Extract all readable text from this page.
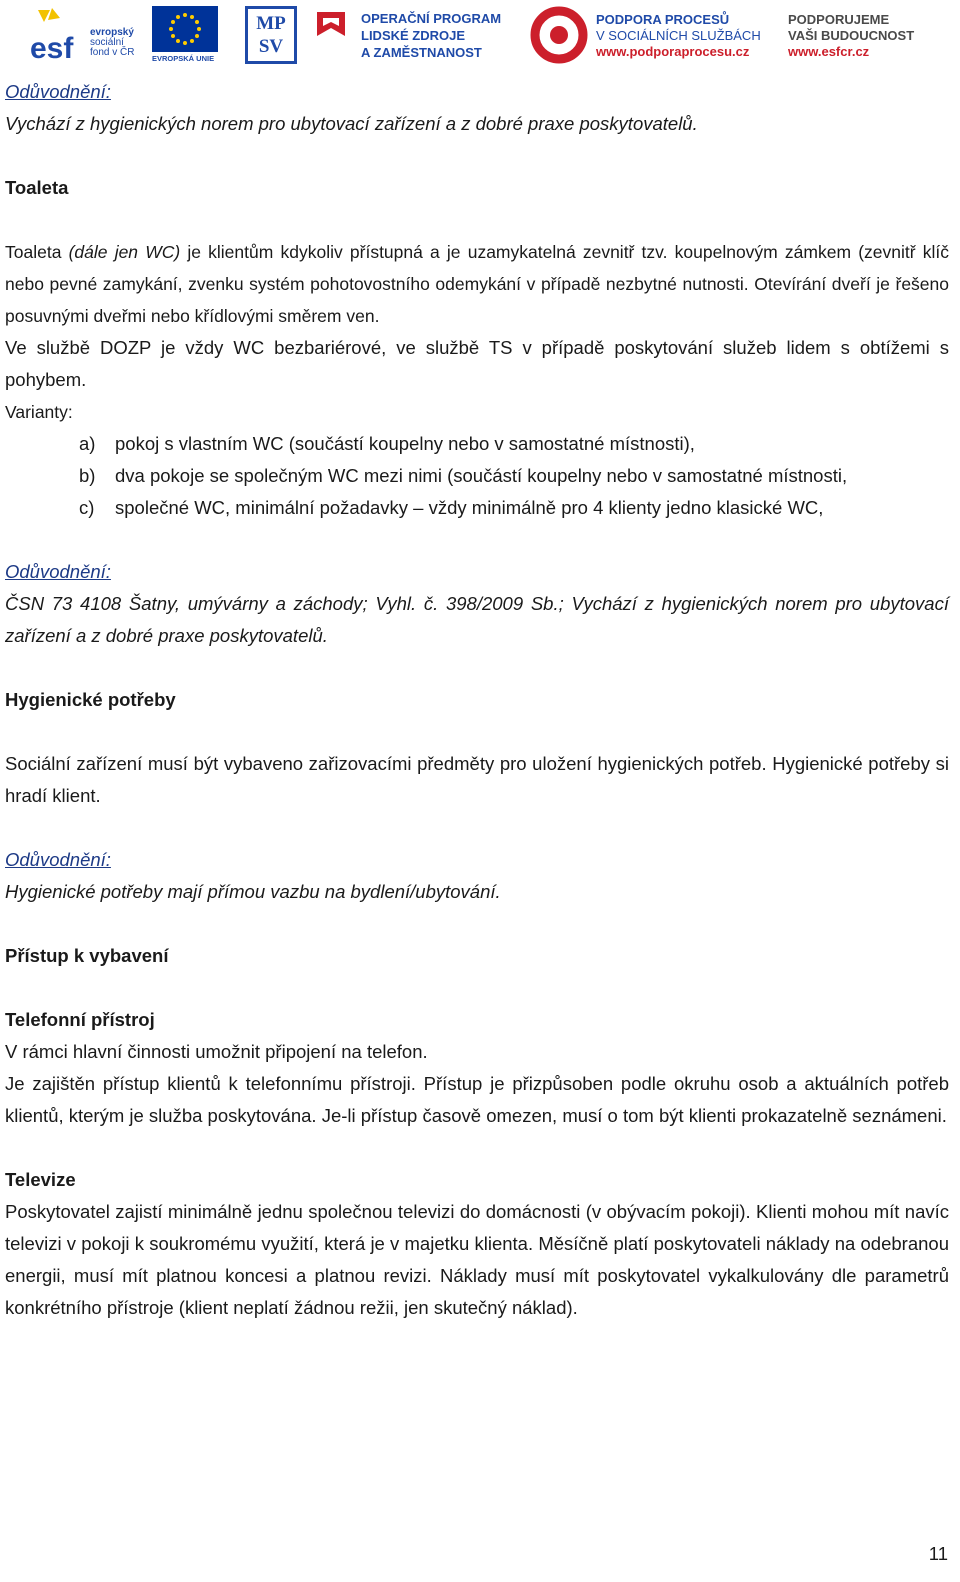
esf evropský
sociální
fond v ČR
EVROPSKÁ UNIE
MP
SV
OPERAČNÍ PROGRAM
LIDSKÉ ZDROJE
A ZAMĚSTNANOST
PODPORA PROCESŮ
V SOCIÁLNÍCH SLUŽBÁCH
www.podporaprocesu.cz
PODPORUJEME
VAŠI BUDOUCNOST
www.esfcr.cz

Odůvodnění:

Vychází z hygienických norem pro ubytovací zařízení a z dobré praxe poskytovatelů.

Toaleta

Toaleta (dále jen WC) je klientům kdykoliv přístupná a je uzamykatelná zevnitř tzv. koupelnovým zámkem (zevnitř klíč nebo pevné zamykání, zvenku systém pohotovostního odemykání v případě nezbytné nutnosti. Otevírání dveří je řešeno posuvnými dveřmi nebo křídlovými směrem ven.

Ve službě DOZP je vždy WC bezbariérové, ve službě TS v případě poskytování služeb lidem s obtížemi s pohybem.

Varianty:

a) pokoj s vlastním WC (součástí koupelny nebo v samostatné místnosti),
b) dva pokoje se společným WC mezi nimi (součástí koupelny nebo v samostatné místnosti,
c) společné WC, minimální požadavky – vždy minimálně pro 4 klienty jedno klasické WC,

Odůvodnění:

ČSN 73 4108 Šatny, umývárny a záchody; Vyhl. č. 398/2009 Sb.; Vychází z hygienických norem pro ubytovací zařízení a z dobré praxe poskytovatelů.

Hygienické potřeby

Sociální zařízení musí být vybaveno zařizovacími předměty pro uložení hygienických potřeb. Hygienické potřeby si hradí klient.

Odůvodnění:

Hygienické potřeby mají přímou vazbu na bydlení/ubytování.

Přístup k vybavení

Telefonní přístroj

V rámci hlavní činnosti umožnit připojení na telefon.

Je zajištěn přístup klientů k telefonnímu přístroji. Přístup je přizpůsoben podle okruhu osob a aktuálních potřeb klientů, kterým je služba poskytována. Je-li přístup časově omezen, musí o tom být klienti prokazatelně seznámeni.

Televize

Poskytovatel zajistí minimálně jednu společnou televizi do domácnosti (v obývacím pokoji). Klienti mohou mít navíc televizi v pokoji k soukromému využití, která je v majetku klienta. Měsíčně platí poskytovateli náklady na odebranou energii, musí mít platnou koncesi a platnou revizi. Náklady musí mít poskytovatel vykalkulovány dle parametrů konkrétního přístroje (klient neplatí žádnou režii, jen skutečný náklad).

11
